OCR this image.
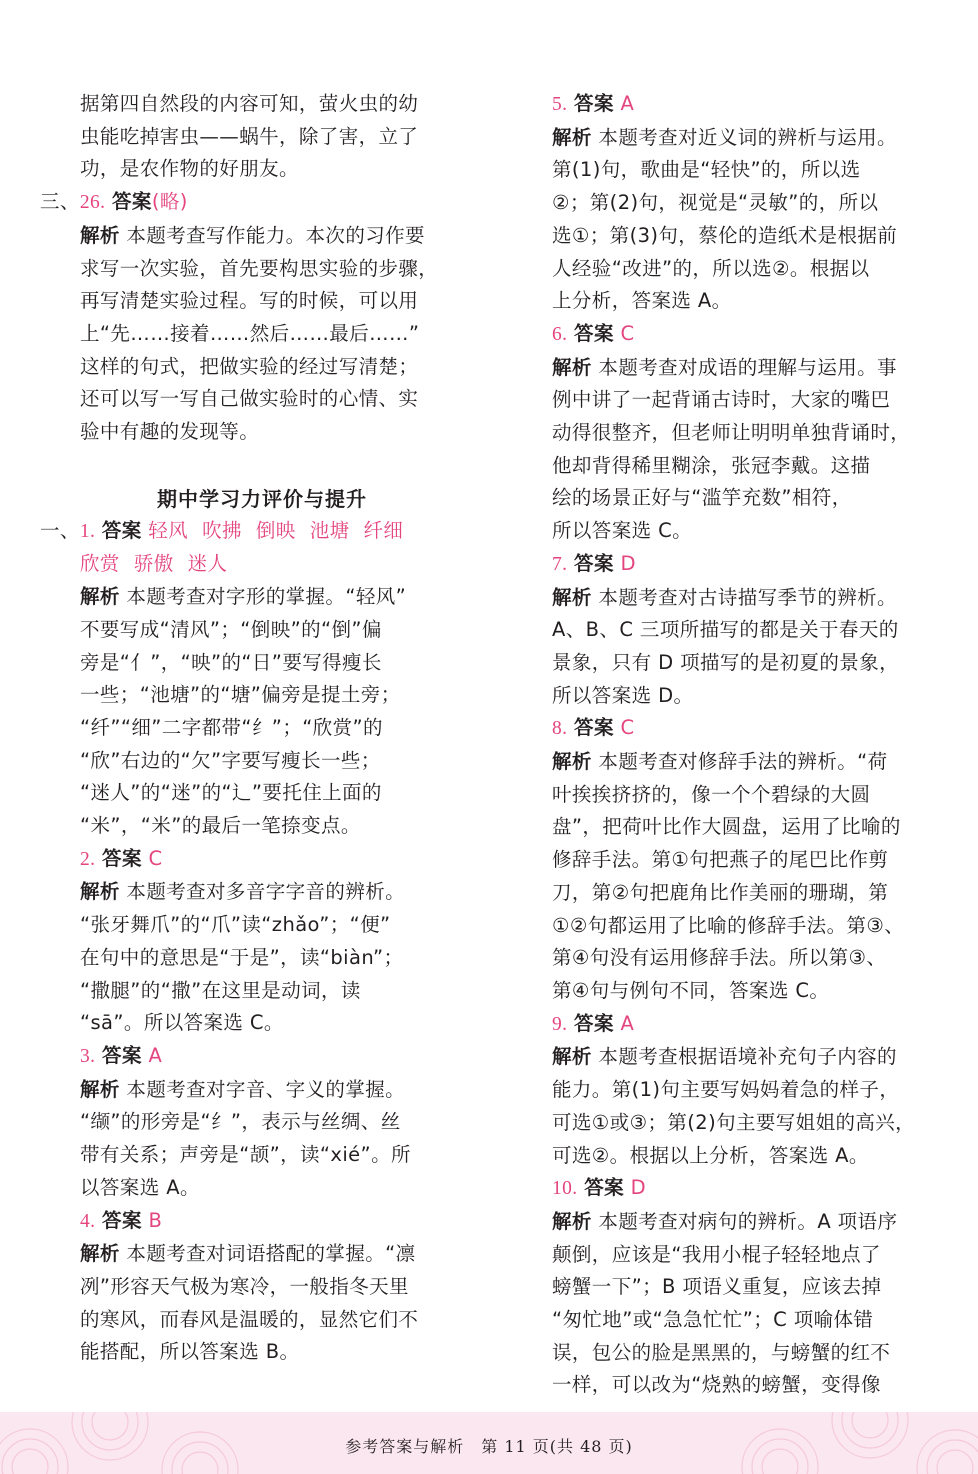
据第四自然段的内容可知，萤火虫的幼

虫能吃掉害虫——蜗牛，除了害，立了

功，是农作物的好朋友。

三、26. 答案(略)

解析 本题考查写作能力。本次的习作要

求写一次实验，首先要构思实验的步骤，

再写清楚实验过程。写的时候，可以用

上“先……接着……然后……最后……”

这样的句式，把做实验的经过写清楚；

还可以写一写自己做实验时的心情、实

验中有趣的发现等。

期中学习力评价与提升

一、1. 答案 轻风 吹拂 倒映 池塘 纤细

欣赏 骄傲 迷人

解析 本题考查对字形的掌握。“轻风”

不要写成“清风”；“倒映”的“倒”偏

旁是“亻”，“映”的“日”要写得瘦长

一些；“池塘”的“塘”偏旁是提土旁；

“纤”“细”二字都带“纟”；“欣赏”的

“欣”右边的“欠”字要写瘦长一些；

“迷人”的“迷”的“辶”要托住上面的

“米”，“米”的最后一笔捺变点。

2. 答案 C

解析 本题考查对多音字字音的辨析。

“张牙舞爪”的“爪”读“zhǎo”；“便”

在句中的意思是“于是”，读“biàn”；

“撒腿”的“撒”在这里是动词，读

“sā”。所以答案选 C。

3. 答案 A

解析 本题考查对字音、字义的掌握。

“缬”的形旁是“纟”，表示与丝绸、丝

带有关系；声旁是“颉”，读“xié”。所

以答案选 A。

4. 答案 B

解析 本题考查对词语搭配的掌握。“凛

冽”形容天气极为寒冷，一般指冬天里

的寒风，而春风是温暖的，显然它们不

能搭配，所以答案选 B。

5. 答案 A

解析 本题考查对近义词的辨析与运用。

第(1)句，歌曲是“轻快”的，所以选

②；第(2)句，视觉是“灵敏”的，所以

选①；第(3)句，蔡伦的造纸术是根据前

人经验“改进”的，所以选②。根据以

上分析，答案选 A。

6. 答案 C

解析 本题考查对成语的理解与运用。事

例中讲了一起背诵古诗时，大家的嘴巴

动得很整齐，但老师让明明单独背诵时，

他却背得稀里糊涂，张冠李戴。这描

绘的场景正好与“滥竽充数”相符，

所以答案选 C。

7. 答案 D

解析 本题考查对古诗描写季节的辨析。

A、B、C 三项所描写的都是关于春天的

景象，只有 D 项描写的是初夏的景象，

所以答案选 D。

8. 答案 C

解析 本题考查对修辞手法的辨析。“荷

叶挨挨挤挤的，像一个个碧绿的大圆

盘”，把荷叶比作大圆盘，运用了比喻的

修辞手法。第①句把燕子的尾巴比作剪

刀，第②句把鹿角比作美丽的珊瑚，第

①②句都运用了比喻的修辞手法。第③、

第④句没有运用修辞手法。所以第③、

第④句与例句不同，答案选 C。

9. 答案 A

解析 本题考查根据语境补充句子内容的

能力。第(1)句主要写妈妈着急的样子，

可选①或③；第(2)句主要写姐姐的高兴，

可选②。根据以上分析，答案选 A。

10. 答案 D

解析 本题考查对病句的辨析。A 项语序

颠倒，应该是“我用小棍子轻轻地点了

螃蟹一下”；B 项语义重复，应该去掉

“匆忙地”或“急急忙忙”；C 项喻体错

误，包公的脸是黑黑的，与螃蟹的红不

一样，可以改为“烧熟的螃蟹，变得像

参考答案与解析　 第 11 页(共 48 页)
